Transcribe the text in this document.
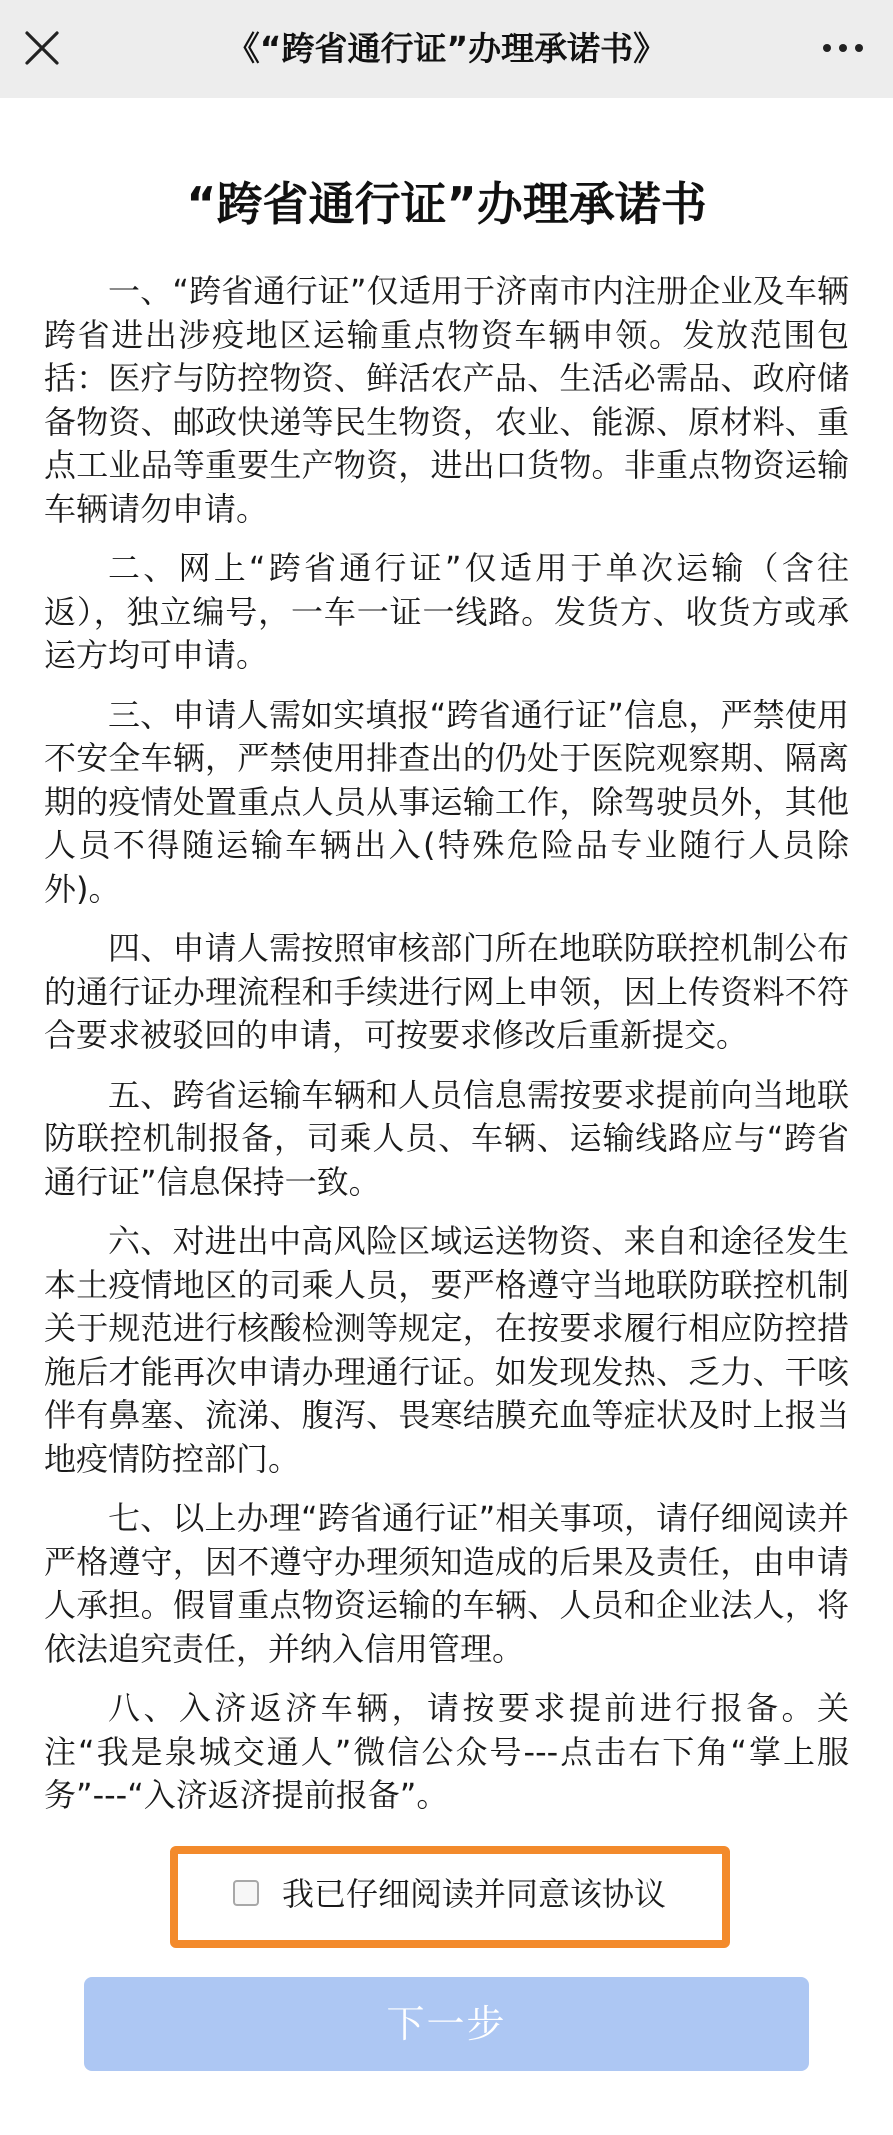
《“跨省通行证”办理承诺书》
“跨省通行证”办理承诺书

一、“跨省通行证”仅适用于济南市内注册企业及车辆跨省进出涉疫地区运输重点物资车辆申领。发放范围包括：医疗与防控物资、鲜活农产品、生活必需品、政府储备物资、邮政快递等民生物资，农业、能源、原材料、重点工业品等重要生产物资，进出口货物。非重点物资运输车辆请勿申请。

二、网上“跨省通行证”仅适用于单次运输（含往返），独立编号，一车一证一线路。发货方、收货方或承运方均可申请。

三、申请人需如实填报“跨省通行证”信息，严禁使用不安全车辆，严禁使用排查出的仍处于医院观察期、隔离期的疫情处置重点人员从事运输工作，除驾驶员外，其他人员不得随运输车辆出入(特殊危险品专业随行人员除外)。

四、申请人需按照审核部门所在地联防联控机制公布的通行证办理流程和手续进行网上申领，因上传资料不符合要求被驳回的申请，可按要求修改后重新提交。

五、跨省运输车辆和人员信息需按要求提前向当地联防联控机制报备，司乘人员、车辆、运输线路应与“跨省通行证”信息保持一致。

六、对进出中高风险区域运送物资、来自和途径发生本土疫情地区的司乘人员，要严格遵守当地联防联控机制关于规范进行核酸检测等规定，在按要求履行相应防控措施后才能再次申请办理通行证。如发现发热、乏力、干咳伴有鼻塞、流涕、腹泻、畏寒结膜充血等症状及时上报当地疫情防控部门。

七、以上办理“跨省通行证”相关事项，请仔细阅读并严格遵守，因不遵守办理须知造成的后果及责任，由申请人承担。假冒重点物资运输的车辆、人员和企业法人，将依法追究责任，并纳入信用管理。

八、入济返济车辆，请按要求提前进行报备。关注“我是泉城交通人”微信公众号---点击右下角“掌上服务”---“入济返济提前报备”。

我已仔细阅读并同意该协议
下一步
